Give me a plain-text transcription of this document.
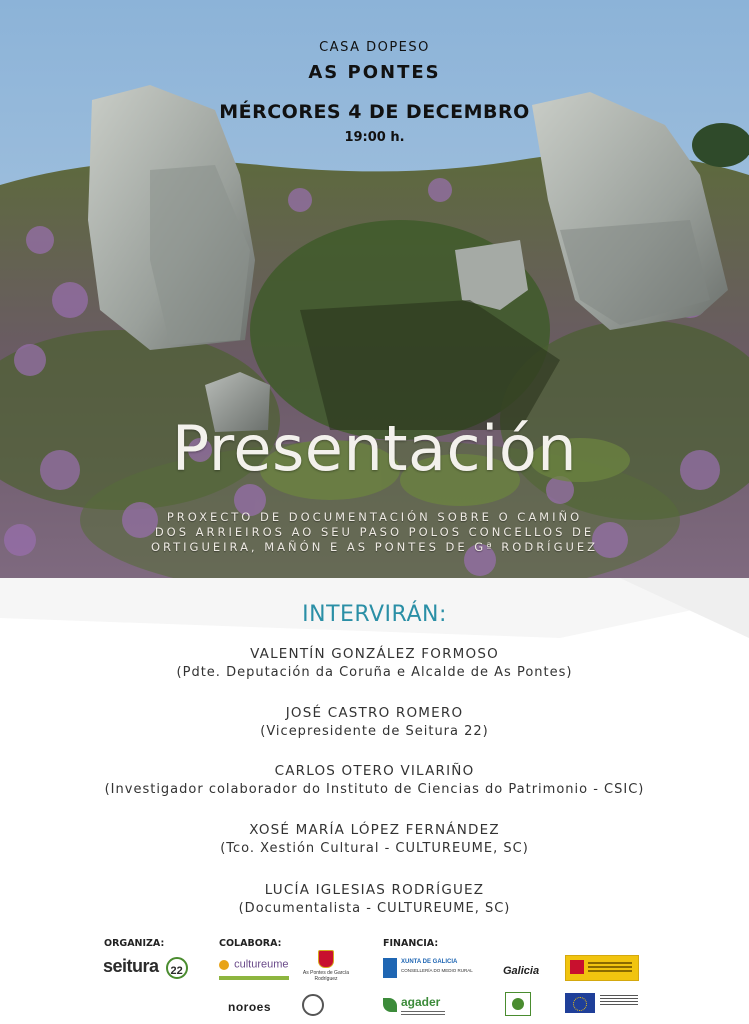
CASA DOPESO
AS PONTES
MÉRCORES 4 DE DECEMBRO
19:00 h.
Presentación
PROXECTO DE DOCUMENTACIÓN SOBRE O CAMIÑO
DOS ARRIEIROS AO SEU PASO POLOS CONCELLOS DE
ORTIGUEIRA, MAÑÓN E AS PONTES DE Gª RODRÍGUEZ
INTERVIRÁN:
VALENTÍN GONZÁLEZ FORMOSO
(Pdte. Deputación da Coruña e Alcalde de As Pontes)
JOSÉ CASTRO ROMERO
(Vicepresidente de Seitura 22)
CARLOS OTERO VILARIÑO
(Investigador colaborador do Instituto de Ciencias do Patrimonio - CSIC)
XOSÉ MARÍA LÓPEZ FERNÁNDEZ
(Tco. Xestión Cultural - CULTUREUME, SC)
LUCÍA IGLESIAS RODRÍGUEZ
(Documentalista - CULTUREUME, SC)
ORGANIZA:	COLABORA:	FINANCIA:
seitura 22	cultureume
As Pontes de García Rodríguez
noroes
XUNTA DE GALICIA
CONSELLERÍA DO MEDIO RURAL	Galicia
agader
